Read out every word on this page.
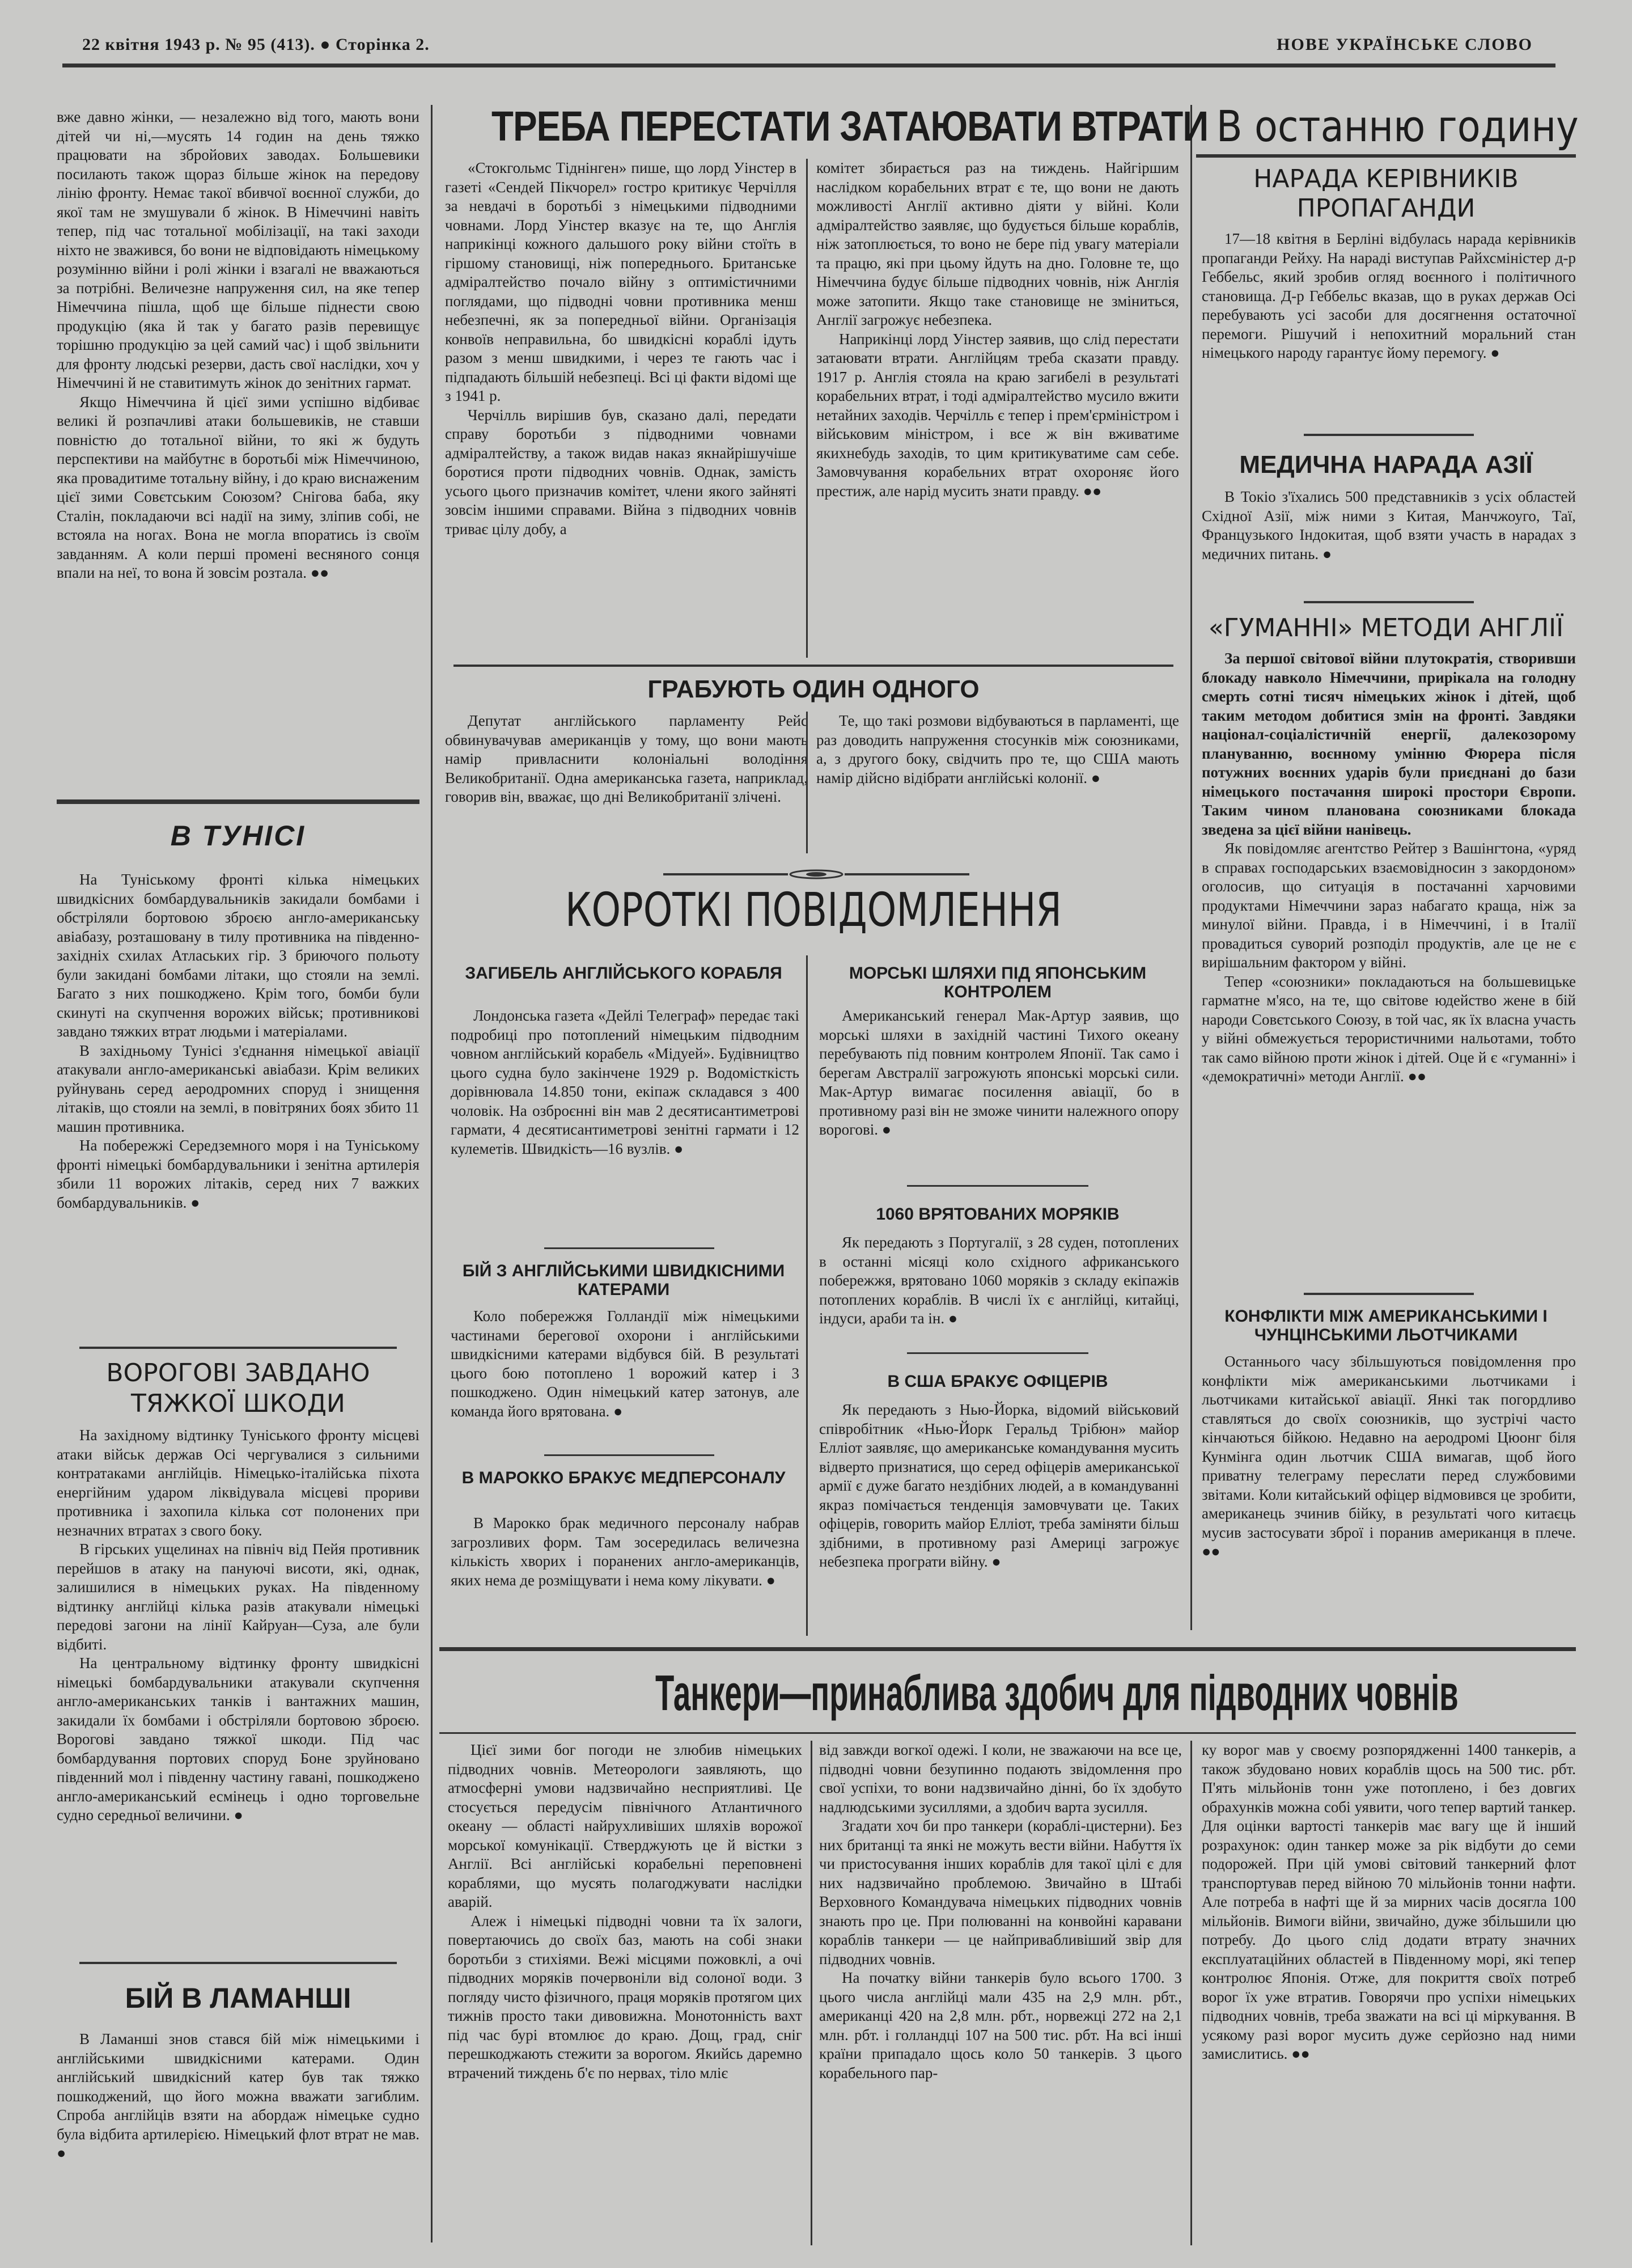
22 квітня 1943 р. № 95 (413). ● Сторінка 2.	НОВЕ УКРАЇНСЬКЕ СЛОВО

вже давно жінки, — незалежно від того, мають вони дітей чи ні,—мусять 14 годин на день тяжко працювати на збройових заводах. Большевики посилають також щораз більше жінок на передову лінію фронту. Немає такої вбивчої воєнної служби, до якої там не змушували б жінок. В Німеччині навіть тепер, під час тотальної мобілізації, на такі заходи ніхто не зважився, бо вони не відповідають німецькому розумінню війни і ролі жінки і взагалі не вважаються за потрібні. Величезне напруження сил, на яке тепер Німеччина пішла, щоб ще більше піднести свою продукцію (яка й так у багато разів перевищує торішню продукцію за цей самий час) і щоб звільнити для фронту людські резерви, дасть свої наслідки, хоч у Німеччині й не ставитимуть жінок до зенітних гармат.

Якщо Німеччина й цієї зими успішно відбиває великі й розпачливі атаки большевиків, не ставши повністю до тотальної війни, то які ж будуть перспективи на майбутнє в боротьбі між Німеччиною, яка провадитиме тотальну війну, і до краю виснаженим цієї зими Совєтським Союзом? Снігова баба, яку Сталін, покладаючи всі надії на зиму, зліпив собі, не встояла на ногах. Вона не могла впоратись із своїм завданням. А коли перші промені весняного сонця впали на неї, то вона й зовсім розтала. ●●

В ТУНІСІ

На Туніському фронті кілька німецьких швидкісних бомбардувальників закидали бомбами і обстріляли бортовою зброєю англо-американську авіабазу, розташовану в тилу противника на південно-західніх схилах Атлаських гір. З бриючого польоту були закидані бомбами літаки, що стояли на землі. Багато з них пошкоджено. Крім того, бомби були скинуті на скупчення ворожих військ; противникові завдано тяжких втрат людьми і матеріалами.

В західньому Тунісі з'єднання німецької авіації атакували англо-американські авіабази. Крім великих руйнувань серед аеродромних споруд і знищення літаків, що стояли на землі, в повітряних боях збито 11 машин противника.

На побережжі Середземного моря і на Туніському фронті німецькі бомбардувальники і зенітна артилерія збили 11 ворожих літаків, серед них 7 важких бомбардувальників. ●

ВОРОГОВІ ЗАВДАНО ТЯЖКОЇ ШКОДИ

На західному відтинку Туніського фронту місцеві атаки військ держав Осі чергувалися з сильними контратаками англійців. Німецько-італійська піхота енергійним ударом ліквідувала місцеві прориви противника і захопила кілька сот полонених при незначних втратах з свого боку.

В гірських ущелинах на північ від Пейя противник перейшов в атаку на пануючі висоти, які, однак, залишилися в німецьких руках. На південному відтинку англійці кілька разів атакували німецькі передові загони на лінії Кайруан—Суза, але були відбиті.

На центральному відтинку фронту швидкісні німецькі бомбардувальники атакували скупчення англо-американських танків і вантажних машин, закидали їх бомбами і обстріляли бортовою зброєю. Ворогові завдано тяжкої шкоди. Під час бомбардування портових споруд Боне зруйновано південний мол і південну частину гавані, пошкоджено англо-американський есмінець і одно торговельне судно середньої величини. ●

БІЙ В ЛАМАНШІ

В Ламанші знов стався бій між німецькими і англійськими швидкісними катерами. Один англійський швидкісний катер був так тяжко пошкоджений, що його можна вважати загиблим. Спроба англійців взяти на абордаж німецьке судно була відбита артилерією. Німецький флот втрат не мав. ●

ТРЕБА ПЕРЕСТАТИ ЗАТАЮВАТИ ВТРАТИ

«Стокгольмс Тіднінген» пише, що лорд Уінстер в газеті «Сендей Пікчорел» гостро критикує Черчілля за невдачі в боротьбі з німецькими підводними човнами. Лорд Уінстер вказує на те, що Англія наприкінці кожного дальшого року війни стоїть в гіршому становищі, ніж попереднього. Британське адміралтейство почало війну з оптимістичними поглядами, що підводні човни противника менш небезпечні, як за попередньої війни. Організація конвоїв неправильна, бо швидкісні кораблі ідуть разом з менш швидкими, і через те гають час і підпадають більшій небезпеці. Всі ці факти відомі ще з 1941 р.

Черчілль вирішив був, сказано далі, передати справу боротьби з підводними човнами адміралтейству, а також видав наказ якнайрішучіше боротися проти підводних човнів. Однак, замість усього цього призначив комітет, члени якого зайняті зовсім іншими справами. Війна з підводних човнів триває цілу добу, а

комітет збирається раз на тиждень. Найгіршим наслідком корабельних втрат є те, що вони не дають можливості Англії активно діяти у війні. Коли адміралтейство заявляє, що будується більше кораблів, ніж затоплюється, то воно не бере під увагу матеріали та працю, які при цьому йдуть на дно. Головне те, що Німеччина будує більше підводних човнів, ніж Англія може затопити. Якщо таке становище не зміниться, Англії загрожує небезпека.

Наприкінці лорд Уінстер заявив, що слід перестати затаювати втрати. Англійцям треба сказати правду. 1917 р. Англія стояла на краю загибелі в результаті корабельних втрат, і тоді адміралтейство мусило вжити нетайних заходів. Черчілль є тепер і прем'єрміністром і військовим міністром, і все ж він вживатиме якихнебудь заходів, то цим критикуватиме сам себе. Замовчування корабельних втрат охороняє його престиж, але нарід мусить знати правду. ●●

ГРАБУЮТЬ ОДИН ОДНОГО

Депутат англійського парламенту Рейс обвинувачував американців у тому, що вони мають намір привласнити колоніальні володіння Великобританії. Одна американська газета, наприклад, говорив він, вважає, що дні Великобританії злічені.

Те, що такі розмови відбуваються в парламенті, ще раз доводить напруження стосунків між союзниками, а, з другого боку, свідчить про те, що США мають намір дійсно відібрати англійські колонії. ●

КОРОТКІ ПОВІДОМЛЕННЯ
ЗАГИБЕЛЬ АНГЛІЙСЬКОГО КОРАБЛЯ

Лондонська газета «Дейлі Телеграф» передає такі подробиці про потоплений німецьким підводним човном англійський корабель «Мідуей». Будівництво цього судна було закінчене 1929 р. Водомісткість дорівнювала 14.850 тони, екіпаж складався з 400 чоловік. На озброєнні він мав 2 десятисантиметрові гармати, 4 десятисантиметрові зенітні гармати і 12 кулеметів. Швидкість—16 вузлів. ●

БІЙ З АНГЛІЙСЬКИМИ ШВИДКІСНИМИ КАТЕРАМИ

Коло побережжя Голландії між німецькими частинами берегової охорони і англійськими швидкісними катерами відбувся бій. В результаті цього бою потоплено 1 ворожий катер і 3 пошкоджено. Один німецький катер затонув, але команда його врятована. ●

В МАРОККО БРАКУЄ МЕДПЕРСОНАЛУ

В Марокко брак медичного персоналу набрав загрозливих форм. Там зосередилась величезна кількість хворих і поранених англо-американців, яких нема де розміщувати і нема кому лікувати. ●

МОРСЬКІ ШЛЯХИ ПІД ЯПОНСЬКИМ КОНТРОЛЕМ

Американський генерал Мак-Артур заявив, що морські шляхи в західній частині Тихого океану перебувають під повним контролем Японії. Так само і берегам Австралії загрожують японські морські сили. Мак-Артур вимагає посилення авіації, бо в противному разі він не зможе чинити належного опору ворогові. ●

1060 ВРЯТОВАНИХ МОРЯКІВ

Як передають з Португалії, з 28 суден, потоплених в останні місяці коло східного африканського побережжя, врятовано 1060 моряків з складу екіпажів потоплених кораблів. В числі їх є англійці, китайці, індуси, араби та ін. ●

В США БРАКУЄ ОФІЦЕРІВ

Як передають з Нью-Йорка, відомий військовий співробітник «Нью-Йорк Геральд Трібюн» майор Елліот заявляє, що американське командування мусить відверто признатися, що серед офіцерів американської армії є дуже багато нездібних людей, а в командуванні якраз помічається тенденція замовчувати це. Таких офіцерів, говорить майор Елліот, треба заміняти більш здібними, в противному разі Америці загрожує небезпека програти війну. ●

В останню годину
НАРАДА КЕРІВНИКІВ ПРОПАГАНДИ

17—18 квітня в Берліні відбулась нарада керівників пропаганди Рейху. На нараді виступав Райхсміністер д-р Геббельс, який зробив огляд воєнного і політичного становища. Д-р Геббельс вказав, що в руках держав Осі перебувають усі засоби для досягнення остаточної перемоги. Рішучий і непохитний моральний стан німецького народу гарантує йому перемогу. ●

МЕДИЧНА НАРАДА АЗІЇ

В Токіо з'їхались 500 представників з усіх областей Східної Азії, між ними з Китая, Манчжоуго, Таї, Французького Індокитая, щоб взяти участь в нарадах з медичних питань. ●

«ГУМАННІ» МЕТОДИ АНГЛІЇ

За першої світової війни плутократія, створивши блокаду навколо Німеччини, прирікала на голодну смерть сотні тисяч німецьких жінок і дітей, щоб таким методом добитися змін на фронті. Завдяки націонал-соціалістичній енергії, далекозорому плануванню, воєнному умінню Фюрера після потужних воєнних ударів були приєднані до бази німецького постачання широкі простори Європи. Таким чином планована союзниками блокада зведена за цієї війни нанівець.

Як повідомляє агентство Рейтер з Вашінгтона, «уряд в справах господарських взаємовідносин з закордоном» оголосив, що ситуація в постачанні харчовими продуктами Німеччини зараз набагато краща, ніж за минулої війни. Правда, і в Німеччині, і в Італії провадиться суворий розподіл продуктів, але це не є вирішальним фактором у війні.

Тепер «союзники» покладаються на большевицьке гарматне м'ясо, на те, що світове юдейство жене в бій народи Совєтського Союзу, в той час, як їх власна участь у війні обмежується терористичними нальотами, тобто так само війною проти жінок і дітей. Оце й є «гуманні» і «демократичні» методи Англії. ●●

КОНФЛІКТИ МІЖ АМЕРИКАНСЬКИМИ І ЧУНЦІНСЬКИМИ ЛЬОТЧИКАМИ

Останнього часу збільшуються повідомлення про конфлікти між американськими льотчиками і льотчиками китайської авіації. Янкі так погордливо ставляться до своїх союзників, що зустрічі часто кінчаються бійкою. Недавно на аеродромі Цюонг біля Кунмінга один льотчик США вимагав, щоб його приватну телеграму переслати перед службовими звітами. Коли китайський офіцер відмовився це зробити, американець зчинив бійку, в результаті чого китаєць мусив застосувати зброї і поранив американця в плече. ●●

Танкери—принаблива здобич для підводних човнів

Цієї зими бог погоди не злюбив німецьких підводних човнів. Метеорологи заявляють, що атмосферні умови надзвичайно несприятливі. Це стосується передусім північного Атлантичного океану — області найрухливіших шляхів ворожої морської комунікації. Стверджують це й вістки з Англії. Всі англійські корабельні переповнені кораблями, що мусять полагоджувати наслідки аварій.

Алеж і німецькі підводні човни та їх залоги, повертаючись до своїх баз, мають на собі знаки боротьби з стихіями. Вежі місцями пожовклі, а очі підводних моряків почервоніли від солоної води. З погляду чисто фізичного, праця моряків протягом цих тижнів просто таки дивовижна. Монотонність вахт під час бурі втомлює до краю. Дощ, град, сніг перешкоджають стежити за ворогом. Якийсь даремно втрачений тиждень б'є по нервах, тіло мліє

від завжди вогкої одежі. І коли, не зважаючи на все це, підводні човни безупинно подають звідомлення про свої успіхи, то вони надзвичайно дінні, бо їх здобуто надлюдськими зусиллями, а здобич варта зусилля.

Згадати хоч би про танкери (кораблі-цистерни). Без них британці та янкі не можуть вести війни. Набуття їх чи пристосування інших кораблів для такої цілі є для них надзвичайно проблемою. Звичайно в Штабі Верховного Командувача німецьких підводних човнів знають про це. При полюванні на конвойні каравани кораблів танкери — це найпривабливіший звір для підводних човнів.

На початку війни танкерів було всього 1700. З цього числа англійці мали 435 на 2,9 млн. рбт., американці 420 на 2,8 млн. рбт., норвежці 272 на 2,1 млн. рбт. і голландці 107 на 500 тис. рбт. На всі інші країни припадало щось коло 50 танкерів. З цього корабельного пар-

ку ворог мав у своєму розпорядженні 1400 танкерів, а також збудовано нових кораблів щось на 500 тис. рбт. П'ять мільйонів тонн уже потоплено, і без довгих обрахунків можна собі уявити, чого тепер вартий танкер. Для оцінки вартості танкерів має вагу ще й інший розрахунок: один танкер може за рік відбути до семи подорожей. При цій умові світовий танкерний флот транспортував перед війною 70 мільйонів тонни нафти. Але потреба в нафті ще й за мирних часів досягла 100 мільйонів. Вимоги війни, звичайно, дуже збільшили цю потребу. До цього слід додати втрату значних експлуатаційних областей в Південному морі, які тепер контролює Японія. Отже, для покриття своїх потреб ворог їх уже втратив. Говорячи про успіхи німецьких підводних човнів, треба зважати на всі ці міркування. В усякому разі ворог мусить дуже серйозно над ними замислитись. ●●
